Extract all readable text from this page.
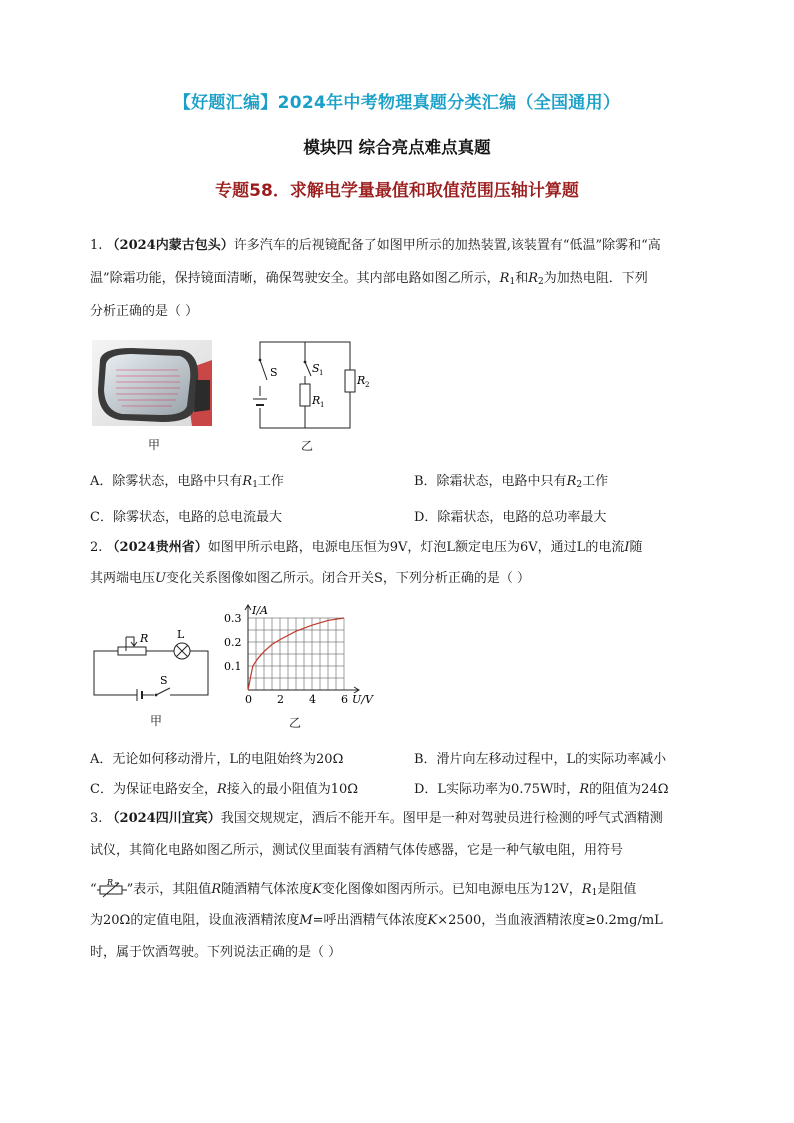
【好题汇编】2024年中考物理真题分类汇编（全国通用）
模块四 综合亮点难点真题
专题58．求解电学量最值和取值范围压轴计算题
1. （2024内蒙古包头）许多汽车的后视镜配备了如图甲所示的加热装置,该装置有“低温”除雾和“高
温”除霜功能，保持镜面清晰，确保驾驶安全。其内部电路如图乙所示，$R_1$和$R_2$为加热电阻．下列
分析正确的是（ ）
甲
S	S 1
R 1
R 2
乙
A．除雾状态，电路中只有$R_1$工作	B．除霜状态，电路中只有$R_2$工作
C．除雾状态，电路的总电流最大	D．除霜状态，电路的总功率最大
2. （2024贵州省）如图甲所示电路，电源电压恒为9V，灯泡L额定电压为6V，通过L的电流I随
其两端电压U变化关系图像如图乙所示。闭合开关S，下列分析正确的是（ ）
R	L
S
甲
0 2 4 6
0.1
0.2
0.3
I/A
U/V
乙
A．无论如何移动滑片，L的电阻始终为20Ω	B．滑片向左移动过程中，L的实际功率减小
C．为保证电路安全，R接入的最小阻值为10Ω	D．L实际功率为0.75W时，R的阻值为24Ω
3. （2024四川宜宾）我国交规规定，酒后不能开车。图甲是一种对驾驶员进行检测的呼气式酒精测
试仪，其简化电路如图乙所示，测试仪里面装有酒精气体传感器，它是一种气敏电阻，用符号
“ R ”表示，其阻值R随酒精气体浓度K变化图像如图丙所示。已知电源电压为12V，$R_1$是阻值
为20Ω的定值电阻，设血液酒精浓度M=呼出酒精气体浓度K×2500，当血液酒精浓度≥0.2mg/mL
时，属于饮酒驾驶。下列说法正确的是（ ）
